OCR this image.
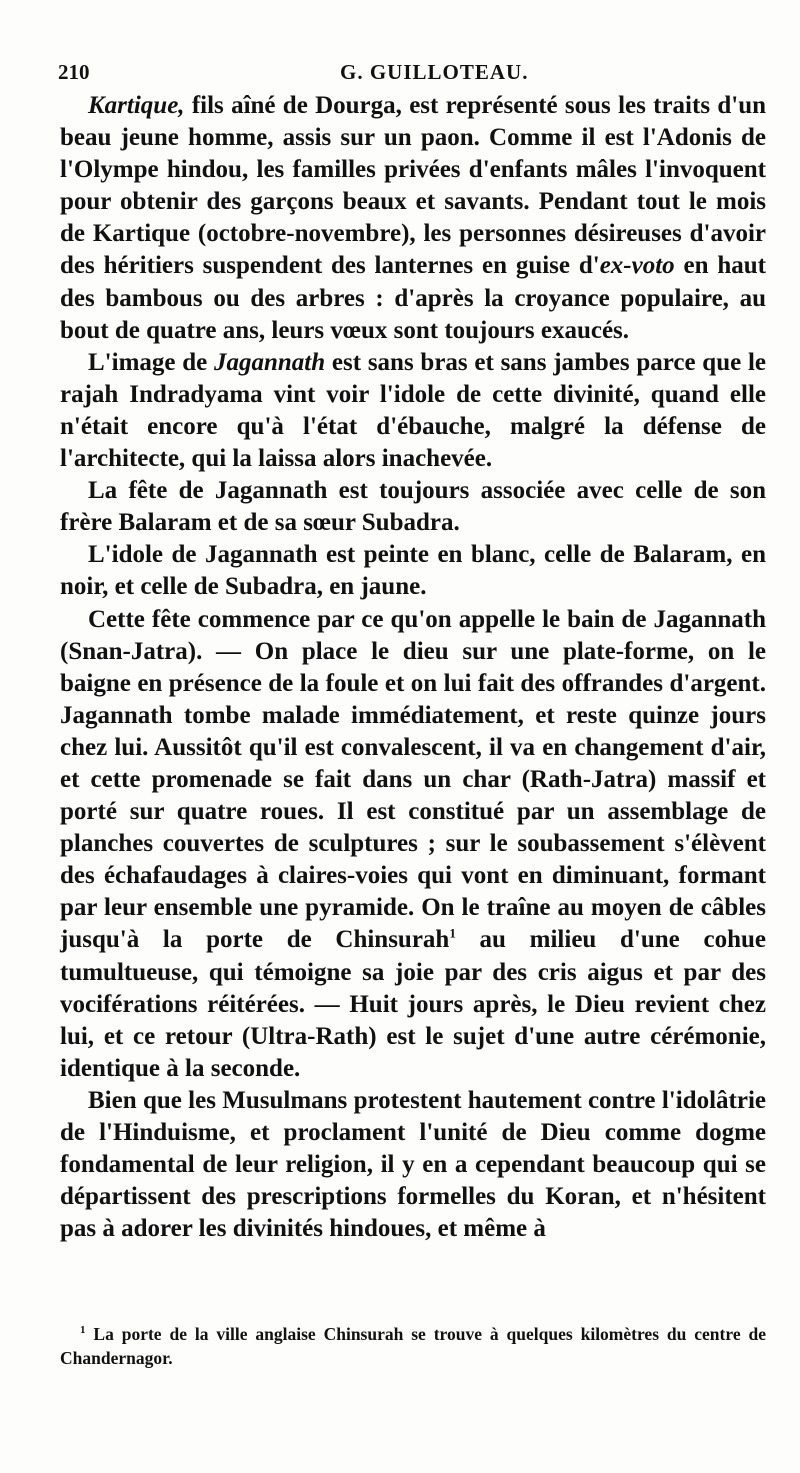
210	G. GUILLOTEAU.

Kartique, fils aîné de Dourga, est représenté sous les traits d'un beau jeune homme, assis sur un paon. Comme il est l'Adonis de l'Olympe hindou, les familles privées d'enfants mâles l'invoquent pour obtenir des garçons beaux et savants. Pendant tout le mois de Kartique (octobre-novembre), les personnes désireuses d'avoir des héritiers suspendent des lanternes en guise d'ex-voto en haut des bambous ou des arbres : d'après la croyance populaire, au bout de quatre ans, leurs vœux sont toujours exaucés.

L'image de Jagannath est sans bras et sans jambes parce que le rajah Indradyama vint voir l'idole de cette divinité, quand elle n'était encore qu'à l'état d'ébauche, malgré la défense de l'architecte, qui la laissa alors inachevée.

La fête de Jagannath est toujours associée avec celle de son frère Balaram et de sa sœur Subadra.

L'idole de Jagannath est peinte en blanc, celle de Balaram, en noir, et celle de Subadra, en jaune.

Cette fête commence par ce qu'on appelle le bain de Jagannath (Snan-Jatra). — On place le dieu sur une plate-forme, on le baigne en présence de la foule et on lui fait des offrandes d'argent. Jagannath tombe malade immédiatement, et reste quinze jours chez lui. Aussitôt qu'il est convalescent, il va en changement d'air, et cette promenade se fait dans un char (Rath-Jatra) massif et porté sur quatre roues. Il est constitué par un assemblage de planches couvertes de sculptures ; sur le soubassement s'élèvent des échafaudages à claires-voies qui vont en diminuant, formant par leur ensemble une pyramide. On le traîne au moyen de câbles jusqu'à la porte de Chinsurah$^1$ au milieu d'une cohue tumultueuse, qui témoigne sa joie par des cris aigus et par des vociférations réitérées. — Huit jours après, le Dieu revient chez lui, et ce retour (Ultra-Rath) est le sujet d'une autre cérémonie, identique à la seconde.

Bien que les Musulmans protestent hautement contre l'idolâtrie de l'Hinduisme, et proclament l'unité de Dieu comme dogme fondamental de leur religion, il y en a cependant beaucoup qui se départissent des prescriptions formelles du Koran, et n'hésitent pas à adorer les divinités hindoues, et même à

$^1$ La porte de la ville anglaise Chinsurah se trouve à quelques kilomètres du centre de Chandernagor.
